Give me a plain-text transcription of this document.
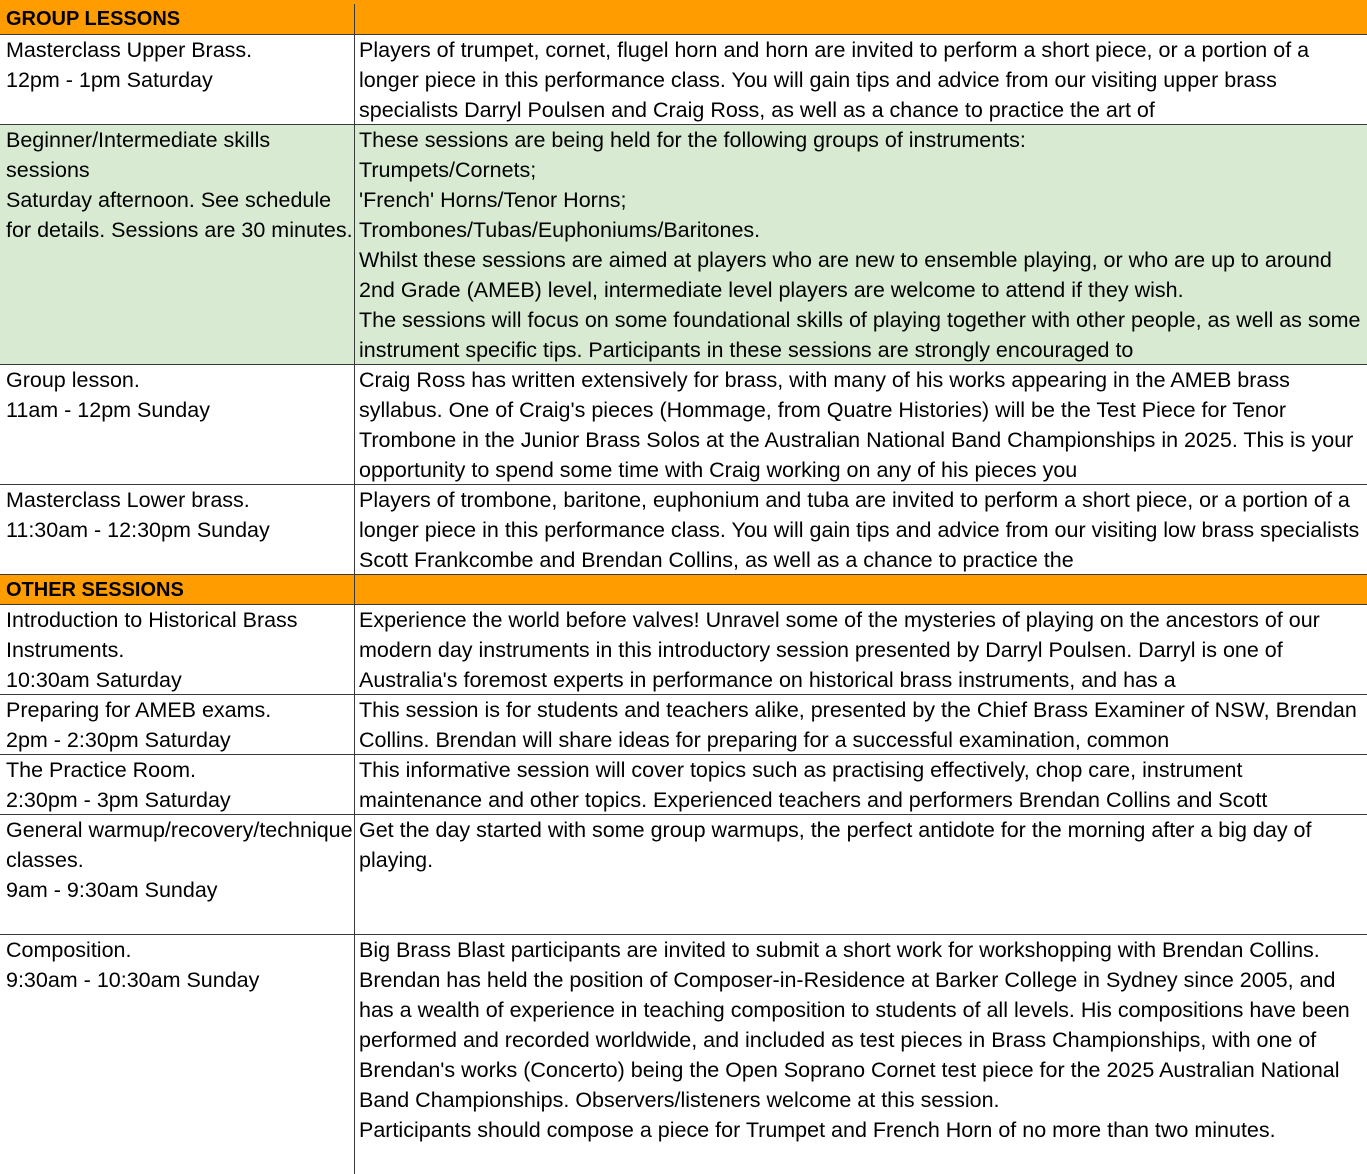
GROUP LESSONS
Masterclass Upper Brass.
12pm - 1pm Saturday
Players of trumpet, cornet, flugel horn and horn are invited to perform a short piece, or a portion of a longer piece in this performance class. You will gain tips and advice from our visiting upper brass specialists Darryl Poulsen and Craig Ross, as well as a chance to practice the art of
Beginner/Intermediate skills sessions
Saturday afternoon. See schedule for details. Sessions are 30 minutes.
These sessions are being held for the following groups of instruments:
Trumpets/Cornets;
'French' Horns/Tenor Horns;
Trombones/Tubas/Euphoniums/Baritones.
Whilst these sessions are aimed at players who are new to ensemble playing, or who are up to around 2nd Grade (AMEB) level, intermediate level players are welcome to attend if they wish.
The sessions will focus on some foundational skills of playing together with other people, as well as some instrument specific tips. Participants in these sessions are strongly encouraged to
Group lesson.
11am - 12pm Sunday
Craig Ross has written extensively for brass, with many of his works appearing in the AMEB brass syllabus. One of Craig's pieces (Hommage, from Quatre Histories) will be the Test Piece for Tenor Trombone in the Junior Brass Solos at the Australian National Band Championships in 2025. This is your opportunity to spend some time with Craig working on any of his pieces you
Masterclass Lower brass.
11:30am - 12:30pm Sunday
Players of trombone, baritone, euphonium and tuba are invited to perform a short piece, or a portion of a longer piece in this performance class. You will gain tips and advice from our visiting low brass specialists Scott Frankcombe and Brendan Collins, as well as a chance to practice the
OTHER SESSIONS
Introduction to Historical Brass Instruments.
10:30am Saturday
Experience the world before valves! Unravel some of the mysteries of playing on the ancestors of our modern day instruments in this introductory session presented by Darryl Poulsen. Darryl is one of Australia's foremost experts in performance on historical brass instruments, and has a
Preparing for AMEB exams.
2pm - 2:30pm Saturday
This session is for students and teachers alike, presented by the Chief Brass Examiner of NSW, Brendan Collins. Brendan will share ideas for preparing for a successful examination, common
The Practice Room.
2:30pm - 3pm Saturday
This informative session will cover topics such as practising effectively, chop care, instrument maintenance and other topics. Experienced teachers and performers Brendan Collins and Scott
General warmup/recovery/technique classes.
9am - 9:30am Sunday
Get the day started with some group warmups, the perfect antidote for the morning after a big day of playing.
Composition.
9:30am - 10:30am Sunday
Big Brass Blast participants are invited to submit a short work for workshopping with Brendan Collins. Brendan has held the position of Composer-in-Residence at Barker College in Sydney since 2005, and has a wealth of experience in teaching composition to students of all levels. His compositions have been performed and recorded worldwide, and included as test pieces in Brass Championships, with one of Brendan's works (Concerto) being the Open Soprano Cornet test piece for the 2025 Australian National Band Championships. Observers/listeners welcome at this session.
Participants should compose a piece for Trumpet and French Horn of no more than two minutes.
